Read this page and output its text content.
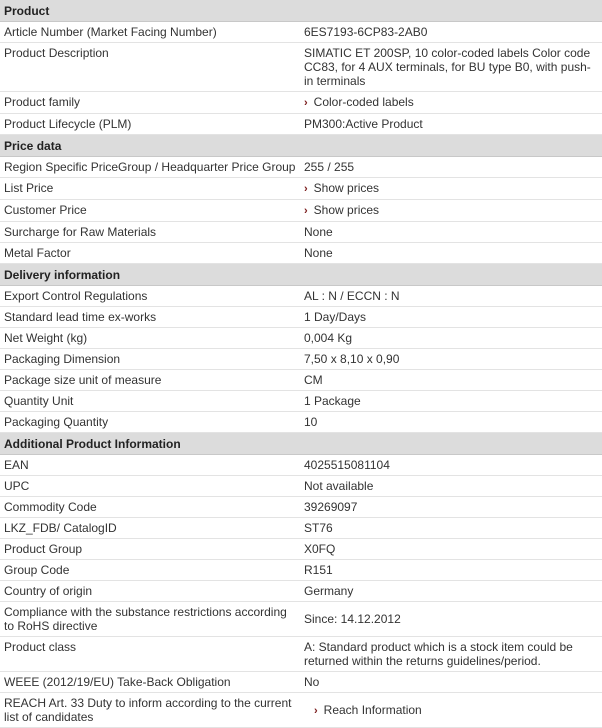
Product	
Article Number (Market Facing Number)	6ES7193-6CP83-2AB0
Product Description	SIMATIC ET 200SP, 10 color-coded labels Color code CC83, for 4 AUX terminals, for BU type B0, with push-in terminals
Product family	› Color-coded labels
Product Lifecycle (PLM)	PM300:Active Product
Price data	
Region Specific PriceGroup / Headquarter Price Group	255 / 255
List Price	› Show prices
Customer Price	› Show prices
Surcharge for Raw Materials	None
Metal Factor	None
Delivery information	
Export Control Regulations	AL : N / ECCN : N
Standard lead time ex-works	1 Day/Days
Net Weight (kg)	0,004 Kg
Packaging Dimension	7,50 x 8,10 x 0,90
Package size unit of measure	CM
Quantity Unit	1 Package
Packaging Quantity	10
Additional Product Information	
EAN	4025515081104
UPC	Not available
Commodity Code	39269097
LKZ_FDB/ CatalogID	ST76
Product Group	X0FQ
Group Code	R151
Country of origin	Germany
Compliance with the substance restrictions according to RoHS directive	Since: 14.12.2012
Product class	A: Standard product which is a stock item could be returned within the returns guidelines/period.
WEEE (2012/19/EU) Take-Back Obligation	No
REACH Art. 33 Duty to inform according to the current list of candidates	› Reach Information
